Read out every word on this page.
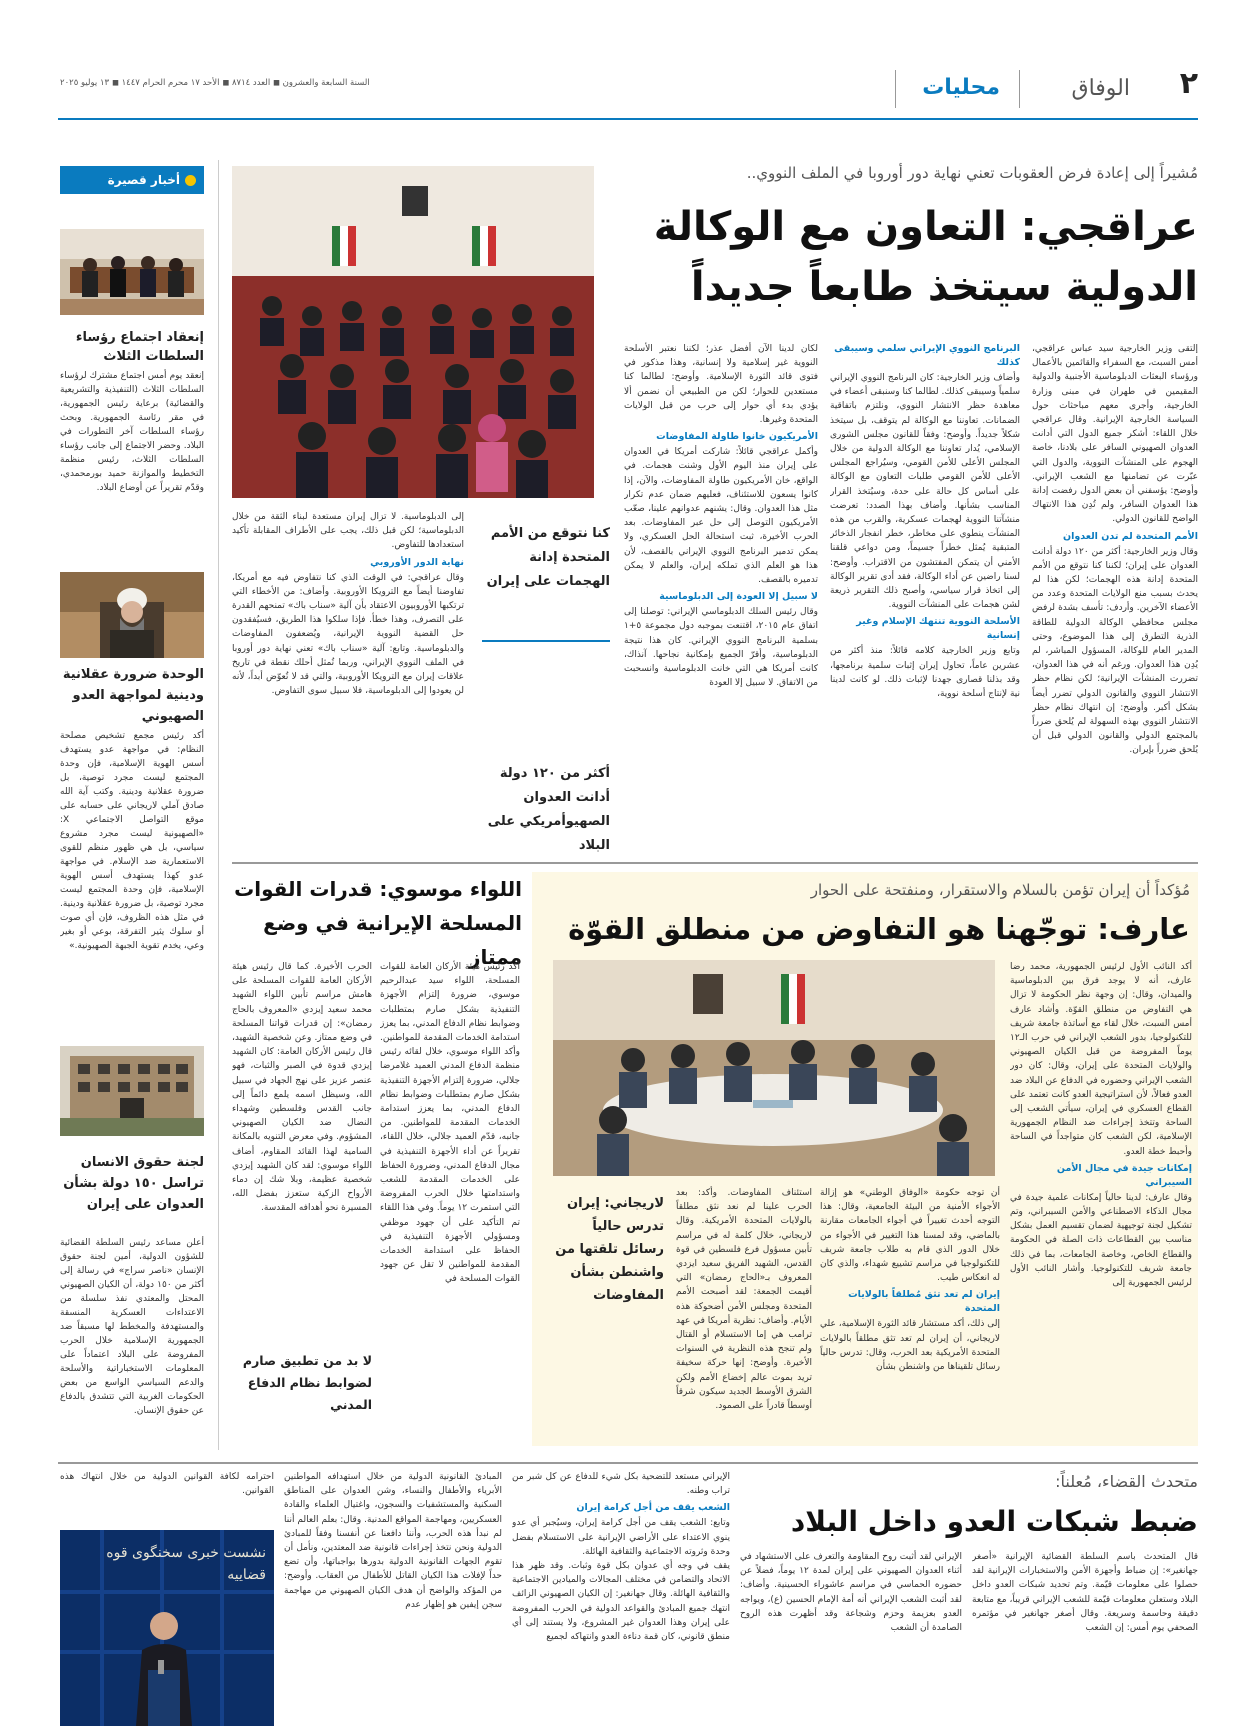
٢
الوفاق
محليات
السنة السابعة والعشرون ◼ العدد ٨٧١٤ ◼ الأحد ١٧ محرم الحرام ١٤٤٧ ◼ ١٣ يوليو ٢٠٢٥
أخبار قصيرة
إنعقاد اجتماع رؤساء السلطات الثلاث
إنعقد يوم أمس اجتماع مشترك لرؤساء السلطات الثلاث (التنفيذية والتشريعية والقضائية) برعاية رئيس الجمهورية، في مقر رئاسة الجمهورية. وبحث رؤساء السلطات آخر التطورات في البلاد. وحضر الاجتماع إلى جانب رؤساء السلطات الثلاث، رئيس منظمة التخطيط والموازنة حميد بورمحمدي، وقدّم تقريراً عن أوضاع البلاد.
الوحدة ضرورة عقلانية ودينية لمواجهة العدو الصهيوني
أكد رئيس مجمع تشخيص مصلحة النظام: في مواجهة عدو يستهدف أسس الهوية الإسلامية، فإن وحدة المجتمع ليست مجرد توصية، بل ضرورة عقلانية ودينية. وكتب آية الله صادق آملي لاريجاني على حسابه على موقع التواصل الاجتماعي X: «الصهيونية ليست مجرد مشروع سياسي، بل هي ظهور منظم للقوى الاستعمارية ضد الإسلام. في مواجهة عدو كهذا يستهدف أسس الهوية الإسلامية، فإن وحدة المجتمع ليست مجرد توصية، بل ضرورة عقلانية ودينية. في مثل هذه الظروف، فإن أي صوت أو سلوك يثير التفرقة، بوعي أو بغير وعي، يخدم تقوية الجبهة الصهيونية.»
لجنة حقوق الانسان تراسل ١٥٠ دولة بشأن العدوان على إيران
أعلن مساعد رئيس السلطة القضائية للشؤون الدولية، أمين لجنة حقوق الإنسان «ناصر سراج» في رسالة إلى أكثر من ١٥٠ دولة، أن الكيان الصهيوني المحتل والمعتدي نفذ سلسلة من الاعتداءات العسكرية المنسقة والمستهدفة والمخطط لها مسبقاً ضد الجمهورية الإسلامية خلال الحرب المفروضة على البلاد اعتماداً على المعلومات الاستخباراتية والأسلحة والدعم السياسي الواسع من بعض الحكومات الغربية التي تتشدق بالدفاع عن حقوق الإنسان.
مُشيراً إلى إعادة فرض العقوبات تعني نهاية دور أوروبا في الملف النووي..
عراقجي: التعاون مع الوكالة
الدولية سيتخذ طابعاً جديداً

إلتقى وزير الخارجية سيد عباس عراقجي، أمس السبت، مع السفراء والقائمين بالأعمال ورؤساء البعثات الدبلوماسية الأجنبية والدولية المقيمين في طهران في مبنى وزارة الخارجية، وأجرى معهم مباحثات حول السياسة الخارجية الإيرانية. وقال عراقجي خلال اللقاء: أشكر جميع الدول التي أدانت العدوان الصهيوني السافر على بلادنا، خاصة الهجوم على المنشآت النووية، والدول التي عبّرت عن تضامنها مع الشعب الإيراني. وأوضح: يؤسفني أن بعض الدول رفضت إدانة هذا العدوان السافر، ولم تُدِن هذا الانتهاك الواضح للقانون الدولي.

الأمم المتحدة لم تدن العدوان

وقال وزير الخارجية: أكثر من ١٢٠ دولة أدانت العدوان على إيران؛ لكننا كنا نتوقع من الأمم المتحدة إدانة هذه الهجمات؛ لكن هذا لم يحدث بسبب منع الولايات المتحدة وعدد من الأعضاء الآخرين. وأردف: تأسف بشدة لرفض مجلس محافظي الوكالة الدولية للطاقة الذرية التطرق إلى هذا الموضوع، وحتى المدير العام للوكالة، المسؤول المباشر، لم يُدِن هذا العدوان. ورغم أنه في هذا العدوان، تضررت المنشآت الإيرانية؛ لكن نظام حظر الانتشار النووي والقانون الدولي تضرر أيضاً بشكل أكبر. وأوضح: إن انتهاك نظام حظر الانتشار النووي بهذه السهولة لم يُلحق ضرراً بالمجتمع الدولي والقانون الدولي قبل أن يُلحق ضرراً بإيران.

البرنامج النووي الإيراني سلمي وسيبقى كذلك

وأضاف وزير الخارجية: كان البرنامج النووي الإيراني سلمياً وسيبقى كذلك. لطالما كنا وسنبقى أعضاء في معاهدة حظر الانتشار النووي، ونلتزم باتفاقية الضمانات. تعاوننا مع الوكالة لم يتوقف، بل سيتخذ شكلاً جديداً. وأوضح: وفقاً للقانون مجلس الشورى الإسلامي، يُدار تعاوننا مع الوكالة الدولية من خلال المجلس الأعلى للأمن القومي، وسيُراجع المجلس الأعلى للأمن القومي طلبات التعاون مع الوكالة على أساس كل حالة على حدة، وسيُتخذ القرار المناسب بشأنها. وأضاف بهذا الصدد: تعرضت منشآتنا النووية لهجمات عسكرية، والقرب من هذه المنشآت ينطوي على مخاطر، خطر انفجار الذخائر المتبقية يُمثل خطراً جسيماً، ومن دواعي قلقنا الأمني أن يتمكن المفتشون من الاقتراب. وأوضح: لسنا راضين عن أداء الوكالة، فقد أدى تقرير الوكالة إلى اتخاذ قرار سياسي، وأصبح ذلك التقرير ذريعة لشن هجمات على المنشآت النووية.

الأسلحة النووية تنتهك الإسلام وغير إنسانية

وتابع وزير الخارجية كلامه قائلاً: منذ أكثر من عشرين عاماً، تحاول إيران إثبات سلمية برنامجها، وقد بذلنا قصارى جهدنا لإثبات ذلك. لو كانت لدينا نية لإنتاج أسلحة نووية،

لكان لدينا الآن أفضل عذر؛ لكننا نعتبر الأسلحة النووية غير إسلامية ولا إنسانية، وهذا مذكور في فتوى قائد الثورة الإسلامية. وأوضح: لطالما كنا مستعدين للحوار؛ لكن من الطبيعي أن نضمن ألا يؤدي بدء أي حوار إلى حرب من قبل الولايات المتحدة وغيرها.

الأمريكيون خانوا طاولة المفاوضات

وأكمل عراقجي قائلاً: شاركت أمريكا في العدوان على إيران منذ اليوم الأول وشنت هجمات. في الواقع، خان الأمريكيون طاولة المفاوضات، والآن، إذا كانوا يسعون للاستئناف، فعليهم ضمان عدم تكرار مثل هذا العدوان. وقال: يشنهم عدوانهم علينا، صعّب الأمريكيون التوصل إلى حل عبر المفاوضات. بعد الحرب الأخيرة، ثبت استحالة الحل العسكري، ولا يمكن تدمير البرنامج النووي الإيراني بالقصف، لأن هذا هو العلم الذي تملكه إيران، والعلم لا يمكن تدميره بالقصف.

لا سبيل إلا العودة إلى الدبلوماسية

وقال رئيس السلك الدبلوماسي الإيراني: توصلنا إلى اتفاق عام ٢٠١٥، اقتنعت بموجبه دول مجموعة ٥+١ بسلمية البرنامج النووي الإيراني. كان هذا نتيجة الدبلوماسية، وأقرّ الجميع بإمكانية نجاحها. آنذاك، كانت أمريكا هي التي خانت الدبلوماسية وانسحبت من الاتفاق. لا سبيل إلا العودة

إلى الدبلوماسية. لا تزال إيران مستعدة لبناء الثقة من خلال الدبلوماسية؛ لكن قبل ذلك، يجب على الأطراف المقابلة تأكيد استعدادها للتفاوض.

نهاية الدور الأوروبي

وقال عراقجي: في الوقت الذي كنا نتفاوض فيه مع أمريكا، تفاوضنا أيضاً مع الترويكا الأوروبية. وأضاف: من الأخطاء التي ترتكبها الأوروبيون الاعتقاد بأن آلية «سناب باك» تمنحهم القدرة على التصرف، وهذا خطأ. فإذا سلكوا هذا الطريق، فسيُفقدون حل القضية النووية الإيرانية، ويُضعفون المفاوضات والدبلوماسية. وتابع: آلية «سناب باك» تعني نهاية دور أوروبا في الملف النووي الإيراني، وربما تُمثل أحلك نقطة في تاريخ علاقات إيران مع الترويكا الأوروبية، والتي قد لا تُعوّض أبداً، لأنه لن يعودوا إلى الدبلوماسية، فلا سبيل سوى التفاوض.

كنا نتوقع من الأمم المتحدة إدانة الهجمات على إيران
أكثر من ١٢٠ دولة أدانت العدوان الصهيوأمريكي على البلاد
مُؤكداً أن إيران تؤمن بالسلام والاستقرار، ومنفتحة على الحوار
عارف: توجّهنا هو التفاوض من منطلق القوّة

أكد النائب الأول لرئيس الجمهورية، محمد رضا عارف، أنه لا يوجد فرق بين الدبلوماسية والميدان، وقال: إن وجهة نظر الحكومة لا تزال هي التفاوض من منطلق القوّة. وأشاد عارف أمس السبت، خلال لقاء مع أساتذة جامعة شريف للتكنولوجيا، بدور الشعب الإيراني في حرب الـ١٢ يوماً المفروضة من قبل الكيان الصهيوني والولايات المتحدة على إيران، وقال: كان دور الشعب الإيراني وحضوره في الدفاع عن البلاد ضد العدو فعالاً، لأن استراتيجية العدو كانت تعتمد على القطاع العسكري في إيران، سيأتي الشعب إلى الساحة وتتخذ إجراءات ضد النظام الجمهورية الإسلامية، لكن الشعب كان متواجداً في الساحة وأحبط خطة العدو.

إمكانات جيدة في مجال الأمن السيبراني

وقال عارف: لدينا حالياً إمكانات علمية جيدة في مجال الذكاء الاصطناعي والأمن السيبراني، وتم تشكيل لجنة توجيهية لضمان تقسيم العمل بشكل مناسب بين القطاعات ذات الصلة في الحكومة والقطاع الخاص، وخاصة الجامعات، بما في ذلك جامعة شريف للتكنولوجيا. وأشار النائب الأول لرئيس الجمهورية إلى

أن توجه حكومة «الوفاق الوطني» هو إزالة الأجواء الأمنية من البيئة الجامعية، وقال: هذا التوجه أحدث تغييراً في أجواء الجامعات مقارنة بالماضي، وقد لمسنا هذا التغيير في الأجواء من خلال الدور الذي قام به طلاب جامعة شريف للتكنولوجيا في مراسم تشييع شهداء، والذي كان له انعكاس طيب.

إيران لم تعد تثق مُطلقاً بالولايات المتحدة

إلى ذلك، أكد مستشار قائد الثورة الإسلامية، علي لاريجاني، أن إيران لم تعد تثق مطلقاً بالولايات المتحدة الأمريكية بعد الحرب، وقال: تدرس حالياً رسائل تلقيناها من واشنطن بشأن

استئناف المفاوضات. وأكد: بعد الحرب علينا لم نعد نثق مطلقاً بالولايات المتحدة الأمريكية. وقال لاريجاني، خلال كلمة له في مراسم تأبين مسؤول فرع فلسطين في قوة القدس، الشهيد الفريق سعيد ايزدي المعروف بـ«الحاج رمضان» التي أقيمت الجمعة: لقد أصبحت الأمم المتحدة ومجلس الأمن أضحوكة هذه الأيام. وأضاف: نظرية أمريكا في عهد ترامب هي إما الاستسلام أو القتال ولم تنجح هذه النظرية في السنوات الأخيرة. وأوضح: إنها حركة سخيفة تريد بموت عالم إخضاع الأمم ولكن الشرق الأوسط الجديد سيكون شرقاً أوسطاً قادراً على الصمود.

لاريجاني: إيران تدرس حالياً رسائل تلقتها من واشنطن بشأن المفاوضات
اللواء موسوي: قدرات القوات
المسلحة الإيرانية في وضع ممتاز

أكد رئيس هيئة الأركان العامة للقوات المسلحة، اللواء سيد عبدالرحيم موسوي، ضرورة إلتزام الأجهزة التنفيذية بشكل صارم بمتطلبات وضوابط نظام الدفاع المدني، بما يعزز استدامة الخدمات المقدمة للمواطنين. وأكد اللواء موسوي، خلال لقائه رئيس منظمة الدفاع المدني العميد غلامرضا جلالي، ضرورة إلتزام الأجهزة التنفيذية بشكل صارم بمتطلبات وضوابط نظام الدفاع المدني، بما يعزز استدامة الخدمات المقدمة للمواطنين. من جانبه، قدّم العميد جلالي، خلال اللقاء، تقريراً عن أداء الأجهزة التنفيذية في مجال الدفاع المدني، وضرورة الحفاظ على الخدمات المقدمة للشعب واستدامتها خلال الحرب المفروضة التي استمرت ١٢ يوماً. وفي هذا اللقاء تم التأكيد على أن جهود موظفي ومسؤولي الأجهزة التنفيذية في الحفاظ على استدامة الخدمات المقدمة للمواطنين لا تقل عن جهود القوات المسلحة في

الحرب الأخيرة. كما قال رئيس هيئة الأركان العامة للقوات المسلحة على هامش مراسم تأبين اللواء الشهيد محمد سعيد إيزدي «المعروف بالحاج رمضان»: إن قدرات قواتنا المسلحة في وضع ممتاز. وعن شخصية الشهيد، قال رئيس الأركان العامة: كان الشهيد إيزدي قدوة في الصبر والثبات، فهو عنصر عزيز على نهج الجهاد في سبيل الله، وسيظل اسمه يلمع دائماً إلى جانب القدس وفلسطين وشهداء النضال ضد الكيان الصهيوني المشؤوم. وفي معرض التنويه بالمكانة السامية لهذا القائد المقاوم، أضاف اللواء موسوي: لقد كان الشهيد إيزدي شخصية عظيمة، وبلا شك إن دماء الأرواح الزكية ستعزز بفضل الله، المسيرة نحو أهدافه المقدسة.

لا بد من تطبيق صارم لضوابط نظام الدفاع المدني
متحدث القضاء، مُعلناً:
ضبط شبكات العدو داخل البلاد

قال المتحدث باسم السلطة القضائية الإيرانية «أصغر جهانغير»: إن ضباط وأجهزة الأمن والاستخبارات الإيرانية لقد حصلوا على معلومات قيّمة. وتم تحديد شبكات العدو داخل البلاد وستعلن معلومات قيّمة للشعب الإيراني قريباً، مع متابعة دقيقة وحاسمة وسريعة. وقال أصغر جهانغير في مؤتمره الصحفي يوم أمس: إن الشعب

الإيراني لقد أثبت روح المقاومة والتعرف على الاستشهاد في أثناء العدوان الصهيوني على إيران لمدة ١٢ يوماً، فضلاً عن حضوره الحماسي في مراسم عاشوراء الحسينية. وأضاف: لقد أثبت الشعب الإيراني أنه أمة الإمام الحسين (ع)، ويواجه العدو بعزيمة وحزم وشجاعة وقد أظهرت هذه الروح الصامدة أن الشعب

الإيراني مستعد للتضحية بكل شيء للدفاع عن كل شبر من تراب وطنه.

الشعب يقف من أجل كرامة إيران

وتابع: الشعب يقف من أجل كرامة إيران، وسيُجبر أي عدو ينوي الاعتداء على الأراضي الإيرانية على الاستسلام بفضل وحدة وثروته الاجتماعية والثقافية الهائلة.

يقف في وجه أي عدوان بكل قوة وثبات. وقد ظهر هذا الاتحاد والتضامن في مختلف المجالات والميادين الاجتماعية والثقافية الهائلة. وقال جهانغير: إن الكيان الصهيوني الزائف انتهك جميع المبادئ والقواعد الدولية في الحرب المفروضة على إيران وهذا العدوان غير المشروع، ولا يستند إلى أي منطق قانوني، كان قمة دناءة العدو وانتهاكه لجميع

المبادئ القانونية الدولية من خلال استهدافه المواطنين الأبرياء والأطفال والنساء، وشن العدوان على المناطق السكنية والمستشفيات والسجون، واغتيال العلماء والقادة العسكريين، ومهاجمة المواقع المدنية. وقال: بعلم العالم أننا لم نبدأ هذه الحرب، وأننا دافعنا عن أنفسنا وفقاً للمبادئ الدولية ونحن نتخذ إجراءات قانونية ضد المعتدين، ونأمل أن تقوم الجهات القانونية الدولية بدورها بواجباتها، وأن تضع حداً لإفلات هذا الكيان القاتل للأطفال من العقاب. وأوضح: من المؤكد والواضح أن هدف الكيان الصهيوني من مهاجمة سجن إيفين هو إظهار عدم

احترامه لكافة القوانين الدولية من خلال انتهاك هذه القوانين.

نشست خبری سخنگوی قوه قضاییه
